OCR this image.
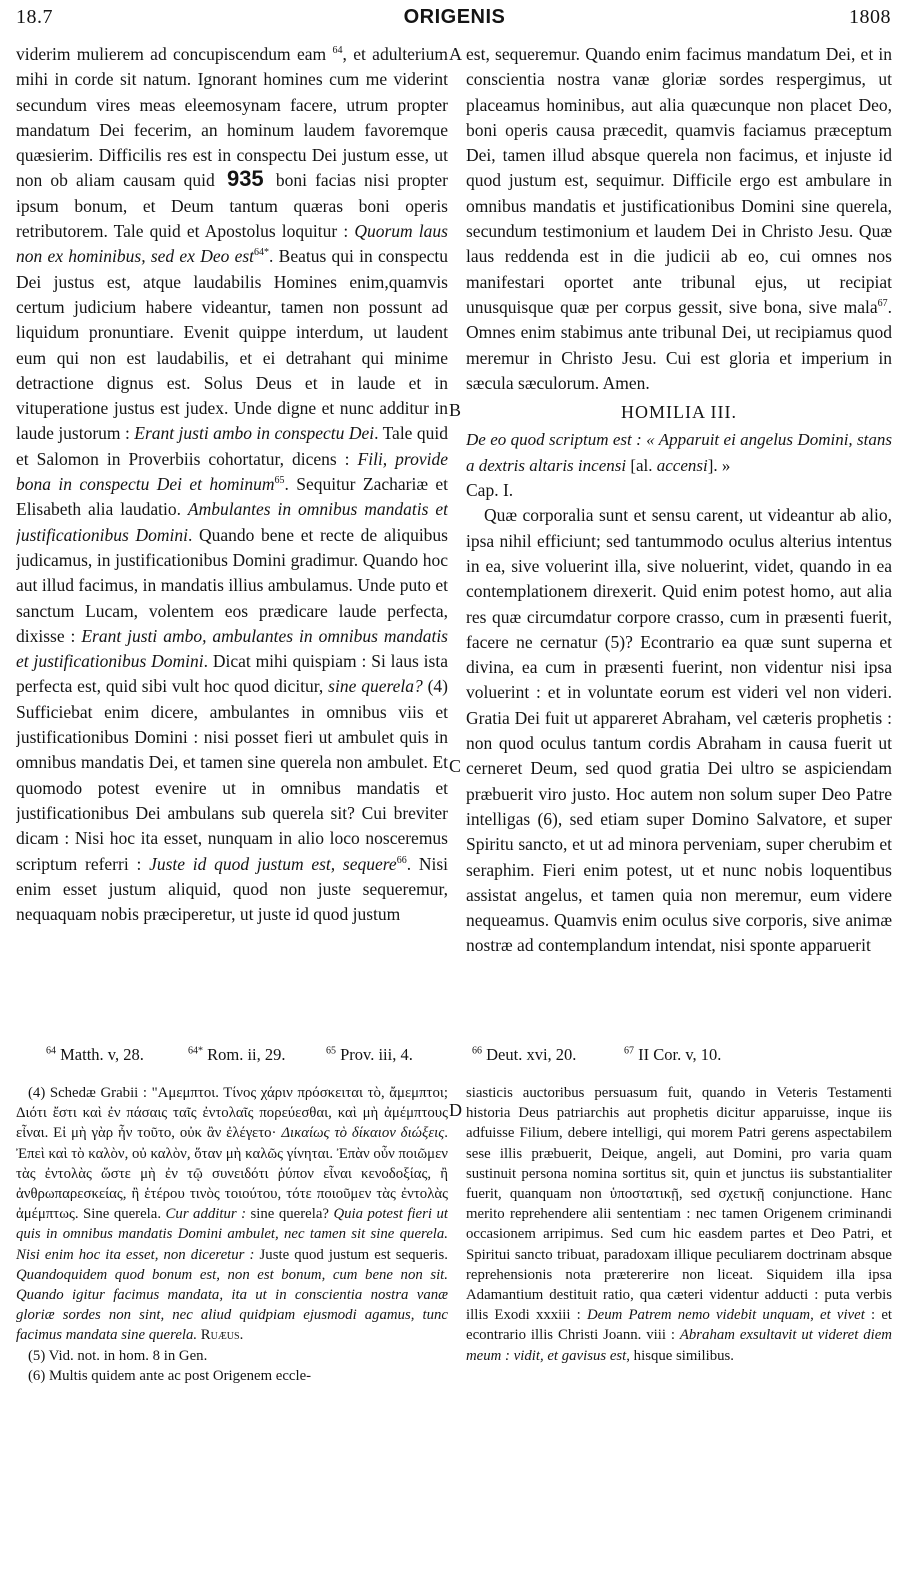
18.7	ORIGENIS	1808
A
B
C
D

viderim mulierem ad concupiscendum eam $^{64}$, et adulterium mihi in corde sit natum. Ignorant homines cum me viderint secundum vires meas eleemosynam facere, utrum propter mandatum Dei fecerim, an hominum laudem favoremque quæsierim. Difficilis res est in conspectu Dei justum esse, ut non ob aliam causam quid 935 boni facias nisi propter ipsum bonum, et Deum tantum quæras boni operis retributorem. Tale quid et Apostolus loquitur : Quorum laus non ex hominibus, sed ex Deo est$^{64*}$. Beatus qui in conspectu Dei justus est, atque laudabilis Homines enim,quamvis certum judicium habere videantur, tamen non possunt ad liquidum pronuntiare. Evenit quippe interdum, ut laudent eum qui non est laudabilis, et ei detrahant qui minime detractione dignus est. Solus Deus et in laude et in vituperatione justus est judex. Unde digne et nunc additur in laude justorum : Erant justi ambo in conspectu Dei. Tale quid et Salomon in Proverbiis cohortatur, dicens : Fili, provide bona in conspectu Dei et hominum$^{65}$. Sequitur Zachariæ et Elisabeth alia laudatio. Ambulantes in omnibus mandatis et justificationibus Domini. Quando bene et recte de aliquibus judicamus, in justificationibus Domini gradimur. Quando hoc aut illud facimus, in mandatis illius ambulamus. Unde puto et sanctum Lucam, volentem eos prædicare laude perfecta, dixisse : Erant justi ambo, ambulantes in omnibus mandatis et justificationibus Domini. Dicat mihi quispiam : Si laus ista perfecta est, quid sibi vult hoc quod dicitur, sine querela? (4) Sufficiebat enim dicere, ambulantes in omnibus viis et justificationibus Domini : nisi posset fieri ut ambulet quis in omnibus mandatis Dei, et tamen sine querela non ambulet. Et quomodo potest evenire ut in omnibus mandatis et justificationibus Dei ambulans sub querela sit? Cui breviter dicam : Nisi hoc ita esset, nunquam in alio loco nosceremus scriptum referri : Juste id quod justum est, sequere$^{66}$. Nisi enim esset justum aliquid, quod non juste sequeremur, nequaquam nobis præciperetur, ut juste id quod justum

est, sequeremur. Quando enim facimus mandatum Dei, et in conscientia nostra vanæ gloriæ sordes respergimus, ut placeamus hominibus, aut alia quæcunque non placet Deo, boni operis causa præcedit, quamvis faciamus præceptum Dei, tamen illud absque querela non facimus, et injuste id quod justum est, sequimur. Difficile ergo est ambulare in omnibus mandatis et justificationibus Domini sine querela, secundum testimonium et laudem Dei in Christo Jesu. Quæ laus reddenda est in die judicii ab eo, cui omnes nos manifestari oportet ante tribunal ejus, ut recipiat unusquisque quæ per corpus gessit, sive bona, sive mala$^{67}$. Omnes enim stabimus ante tribunal Dei, ut recipiamus quod meremur in Christo Jesu. Cui est gloria et imperium in sæcula sæculorum. Amen.

HOMILIA III.

De eo quod scriptum est : « Apparuit ei angelus Domini, stans a dextris altaris incensi [al. accensi]. »

Cap. I.

Quæ corporalia sunt et sensu carent, ut videantur ab alio, ipsa nihil efficiunt; sed tantummodo oculus alterius intentus in ea, sive voluerint illa, sive noluerint, videt, quando in ea contemplationem direxerit. Quid enim potest homo, aut alia res quæ circumdatur corpore crasso, cum in præsenti fuerit, facere ne cernatur (5)? Econtrario ea quæ sunt superna et divina, ea cum in præsenti fuerint, non videntur nisi ipsa voluerint : et in voluntate eorum est videri vel non videri. Gratia Dei fuit ut appareret Abraham, vel cæteris prophetis : non quod oculus tantum cordis Abraham in causa fuerit ut cerneret Deum, sed quod gratia Dei ultro se aspiciendam præbuerit viro justo. Hoc autem non solum super Deo Patre intelligas (6), sed etiam super Domino Salvatore, et super Spiritu sancto, et ut ad minora perveniam, super cherubim et seraphim. Fieri enim potest, ut et nunc nobis loquentibus assistat angelus, et tamen quia non meremur, eum videre nequeamus. Quamvis enim oculus sive corporis, sive animæ nostræ ad contemplandum intendat, nisi sponte apparuerit

$^{64}$ Matth. v, 28.	$^{64*}$ Rom. ii, 29.	$^{65}$ Prov. iii, 4.	$^{66}$ Deut. xvi, 20.	$^{67}$ II Cor. v, 10.

(4) Schedæ Grabii : "Αμεμπτοι. Τίνος χάριν πρόσκειται τὸ, ἄμεμπτοι; Διότι ἔστι καὶ ἐν πάσαις ταῖς ἐντολαῖς πορεύεσθαι, καὶ μὴ ἀμέμπτους εἶναι. Εἰ μὴ γὰρ ἦν τοῦτο, οὐκ ἂν ἐλέγετο· Δικαίως τὸ δίκαιον διώξεις. Ἐπεὶ καὶ τὸ καλὸν, οὐ καλὸν, ὅταν μὴ καλῶς γίνηται. Ἐπὰν οὖν ποιῶμεν τὰς ἐντολὰς ὥστε μὴ ἐν τῷ συνειδότι ῥύπον εἶναι κενοδοξίας, ἢ ἀνθρωπαρεσκείας, ἢ ἑτέρου τινὸς τοιούτου, τότε ποιοῦμεν τὰς ἐντολὰς ἀμέμπτως. Sine querela. Cur additur : sine querela? Quia potest fieri ut quis in omnibus mandatis Domini ambulet, nec tamen sit sine querela. Nisi enim hoc ita esset, non diceretur : Juste quod justum est sequeris. Quandoquidem quod bonum est, non est bonum, cum bene non sit. Quando igitur facimus mandata, ita ut in conscientia nostra vanæ gloriæ sordes non sint, nec aliud quidpiam ejusmodi agamus, tunc facimus mandata sine querela. Ruæus.

(5) Vid. not. in hom. 8 in Gen.

(6) Multis quidem ante ac post Origenem eccle-

siasticis auctoribus persuasum fuit, quando in Veteris Testamenti historia Deus patriarchis aut prophetis dicitur apparuisse, inque iis adfuisse Filium, debere intelligi, qui morem Patri gerens aspectabilem sese illis præbuerit, Deique, angeli, aut Domini, pro varia quam sustinuit persona nomina sortitus sit, quin et junctus iis substantialiter fuerit, quanquam non ὑποστατικῇ, sed σχετικῇ conjunctione. Hanc merito reprehendere alii sententiam : nec tamen Origenem criminandi occasionem arripimus. Sed cum hic easdem partes et Deo Patri, et Spiritui sancto tribuat, paradoxam illique peculiarem doctrinam absque reprehensionis nota prætererire non liceat. Siquidem illa ipsa Adamantium destituit ratio, qua cæteri videntur adducti : puta verbis illis Exodi xxxiii : Deum Patrem nemo videbit unquam, et vivet : et econtrario illis Christi Joann. viii : Abraham exsultavit ut videret diem meum : vidit, et gavisus est, hisque similibus.
